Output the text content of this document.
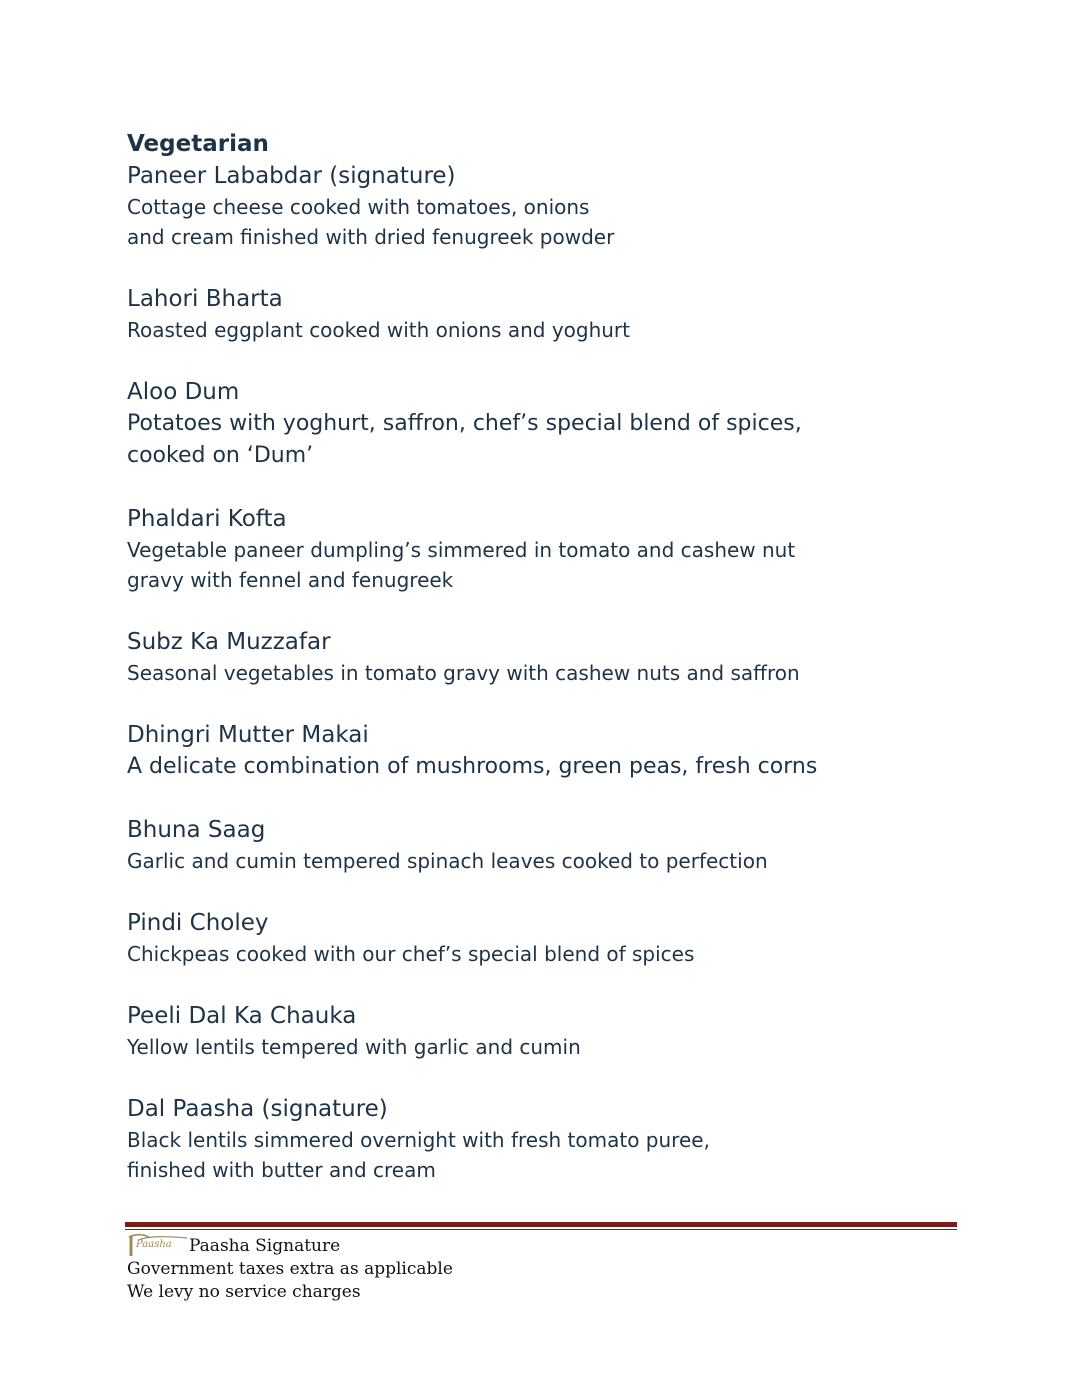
Vegetarian

Paneer Lababdar (signature)

Cottage cheese cooked with tomatoes, onions
and cream finished with dried fenugreek powder

Lahori Bharta

Roasted eggplant cooked with onions and yoghurt

Aloo Dum

Potatoes with yoghurt, saffron, chef’s special blend of spices,
cooked on ‘Dum’

Phaldari Kofta

Vegetable paneer dumpling’s simmered in tomato and cashew nut
gravy with fennel and fenugreek

Subz Ka Muzzafar

Seasonal vegetables in tomato gravy with cashew nuts and saffron

Dhingri Mutter Makai

A delicate combination of mushrooms, green peas, fresh corns

Bhuna Saag

Garlic and cumin tempered spinach leaves cooked to perfection

Pindi Choley

Chickpeas cooked with our chef’s special blend of spices

Peeli Dal Ka Chauka

Yellow lentils tempered with garlic and cumin

Dal Paasha (signature)

Black lentils simmered overnight with fresh tomato puree,
finished with butter and cream

Paasha Paasha Signature

Government taxes extra as applicable

We levy no service charges
